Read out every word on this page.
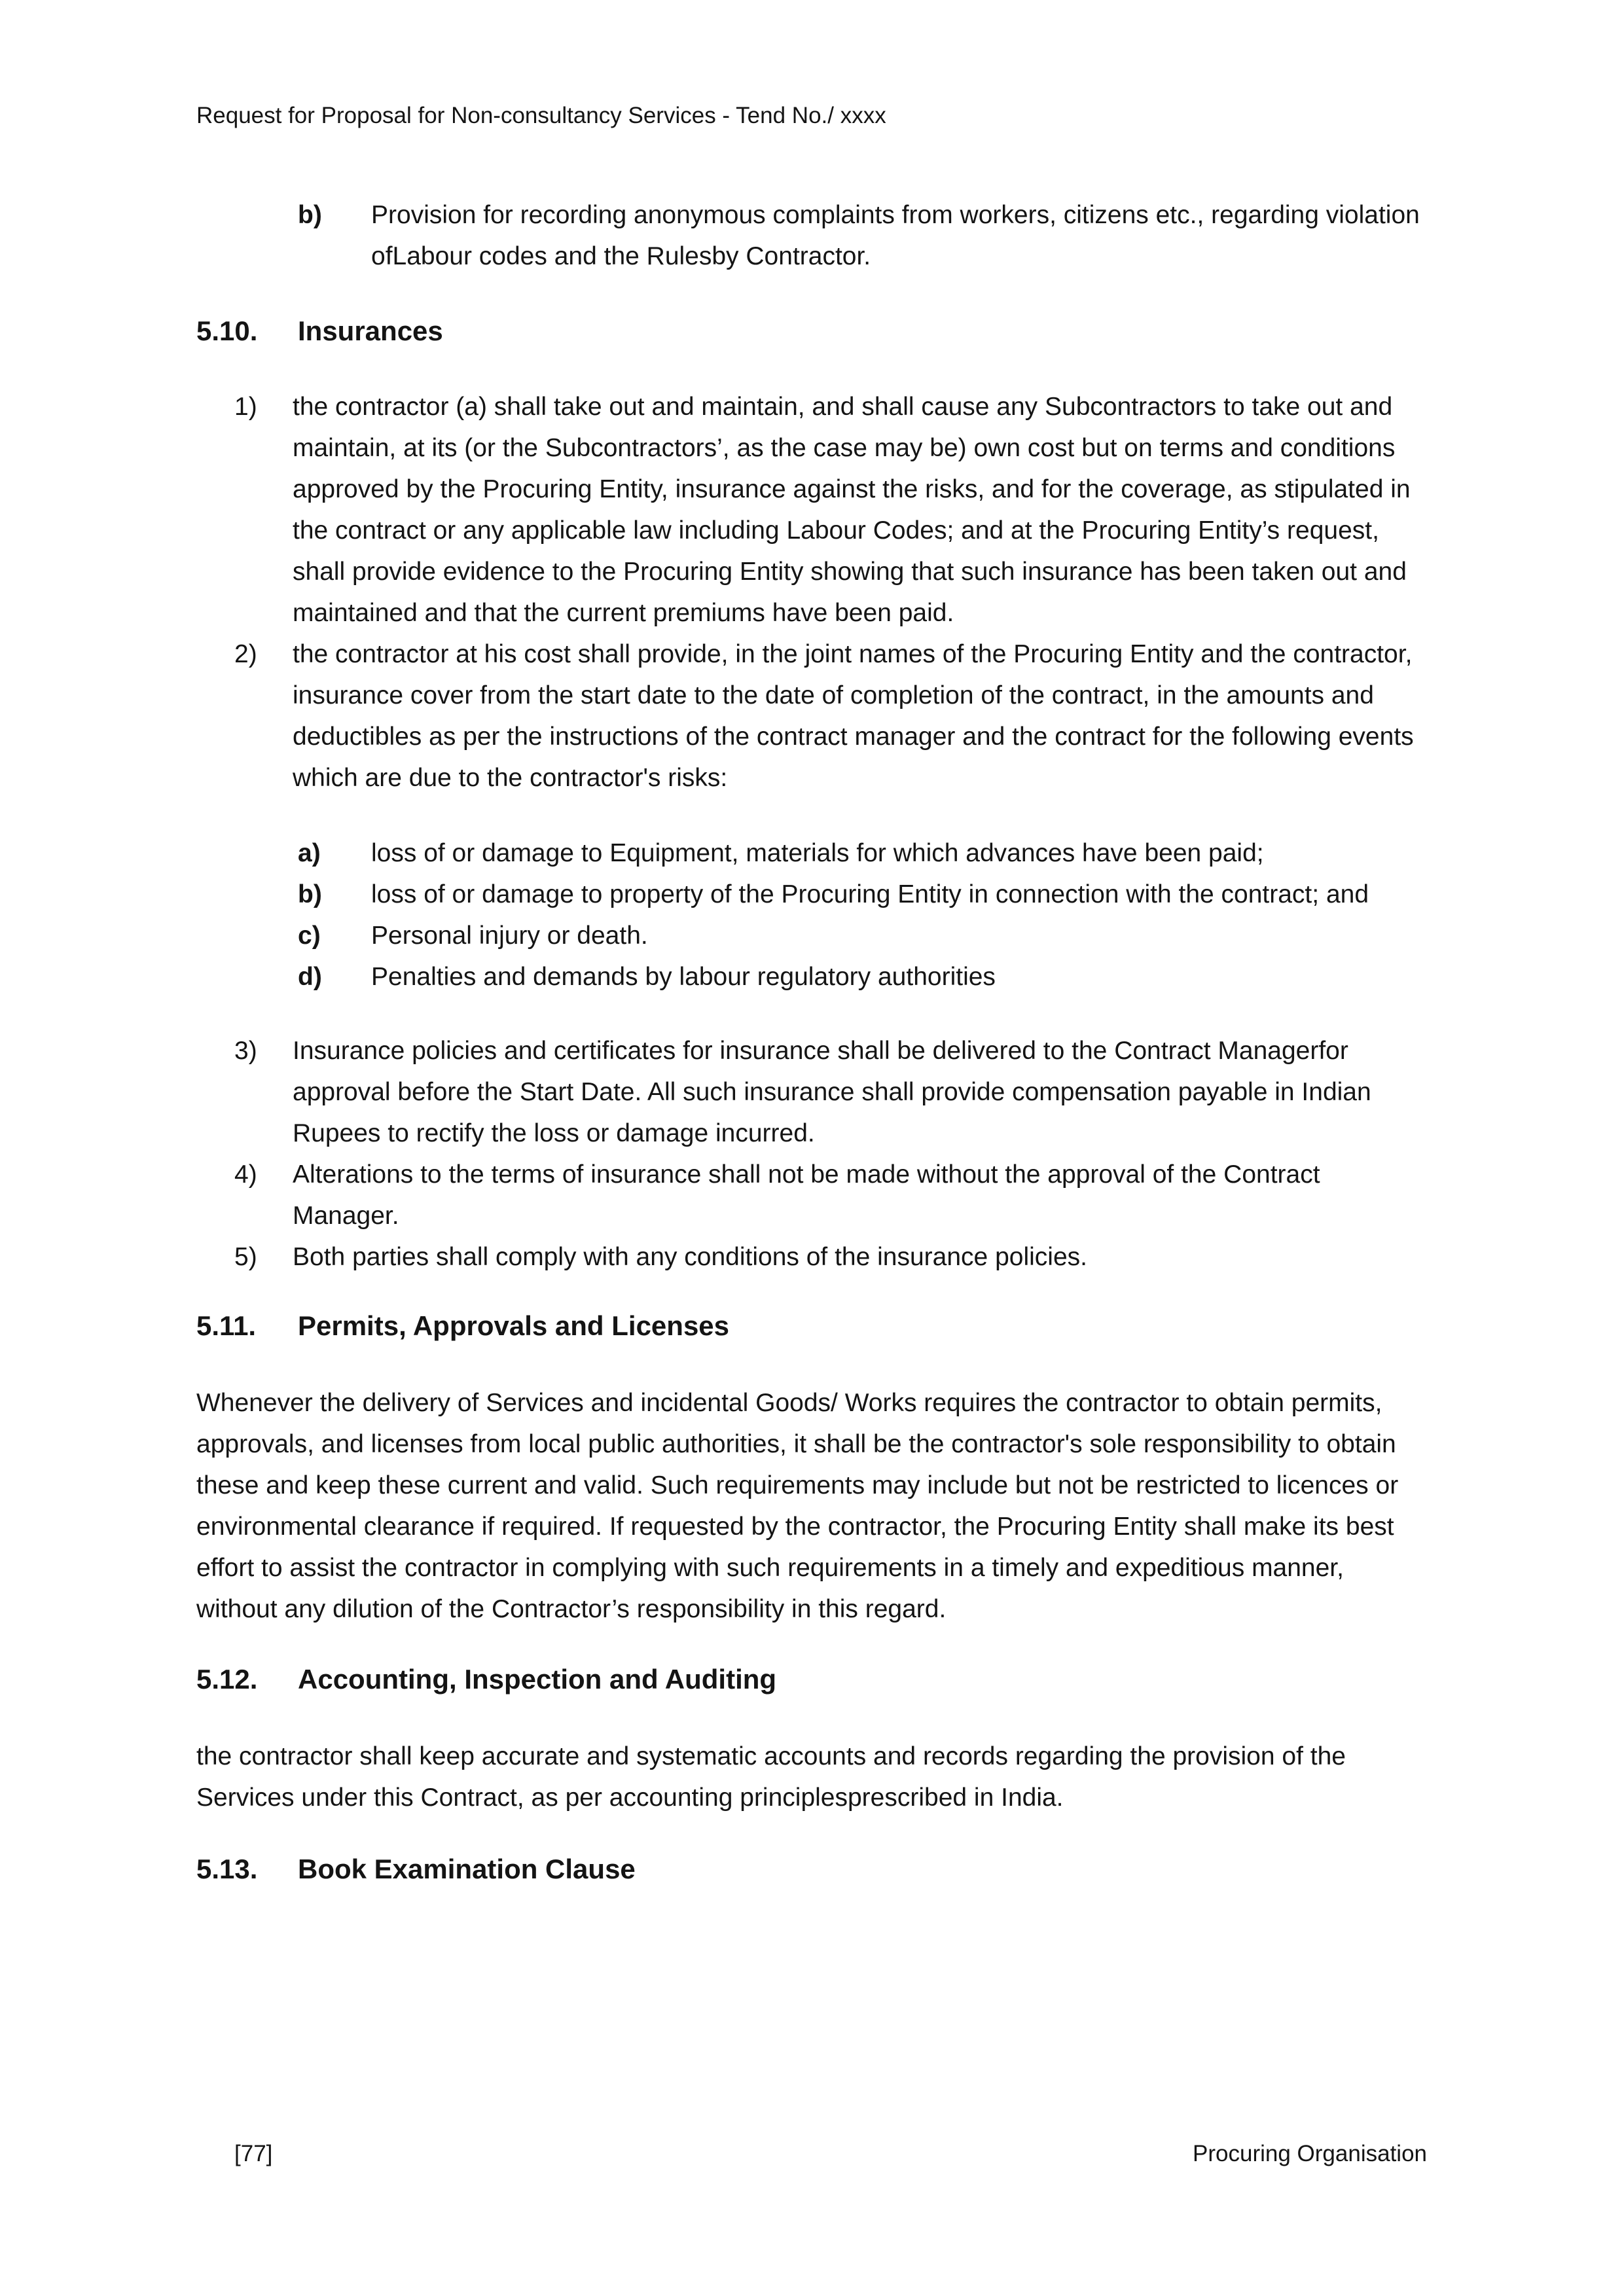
Request for Proposal for Non-consultancy Services - Tend No./ xxxx
b)	Provision for recording anonymous complaints from workers, citizens etc., regarding violation ofLabour codes and the Rulesby Contractor.
5.10.	Insurances
1)	the contractor (a) shall take out and maintain, and shall cause any Subcontractors to take out and maintain, at its (or the Subcontractors’, as the case may be) own cost but on terms and conditions approved by the Procuring Entity, insurance against the risks, and for the coverage, as stipulated in the contract or any applicable law including Labour Codes; and at the Procuring Entity’s request, shall provide evidence to the Procuring Entity showing that such insurance has been taken out and maintained and that the current premiums have been paid.
2)	the contractor at his cost shall provide, in the joint names of the Procuring Entity and the contractor, insurance cover from the start date to the date of completion of the contract, in the amounts and deductibles as per the instructions of the contract manager and the contract for the following events which are due to the contractor's risks:
a)	loss of or damage to Equipment, materials for which advances have been paid;
b)	loss of or damage to property of the Procuring Entity in connection with the contract; and
c)	Personal injury or death.
d)	Penalties and demands by labour regulatory authorities
3)	Insurance policies and certificates for insurance shall be delivered to the Contract Managerfor approval before the Start Date. All such insurance shall provide compensation payable in Indian Rupees to rectify the loss or damage incurred.
4)	Alterations to the terms of insurance shall not be made without the approval of the Contract Manager.
5)	Both parties shall comply with any conditions of the insurance policies.
5.11.	Permits, Approvals and Licenses
Whenever the delivery of Services and incidental Goods/ Works requires the contractor to obtain permits, approvals, and licenses from local public authorities, it shall be the contractor's sole responsibility to obtain these and keep these current and valid. Such requirements may include but not be restricted to licences or environmental clearance if required. If requested by the contractor, the Procuring Entity shall make its best effort to assist the contractor in complying with such requirements in a timely and expeditious manner, without any dilution of the Contractor’s responsibility in this regard.
5.12.	Accounting, Inspection and Auditing
the contractor shall keep accurate and systematic accounts and records regarding the provision of the Services under this Contract, as per accounting principlesprescribed in India.
5.13.	Book Examination Clause
[77]	Procuring Organisation
